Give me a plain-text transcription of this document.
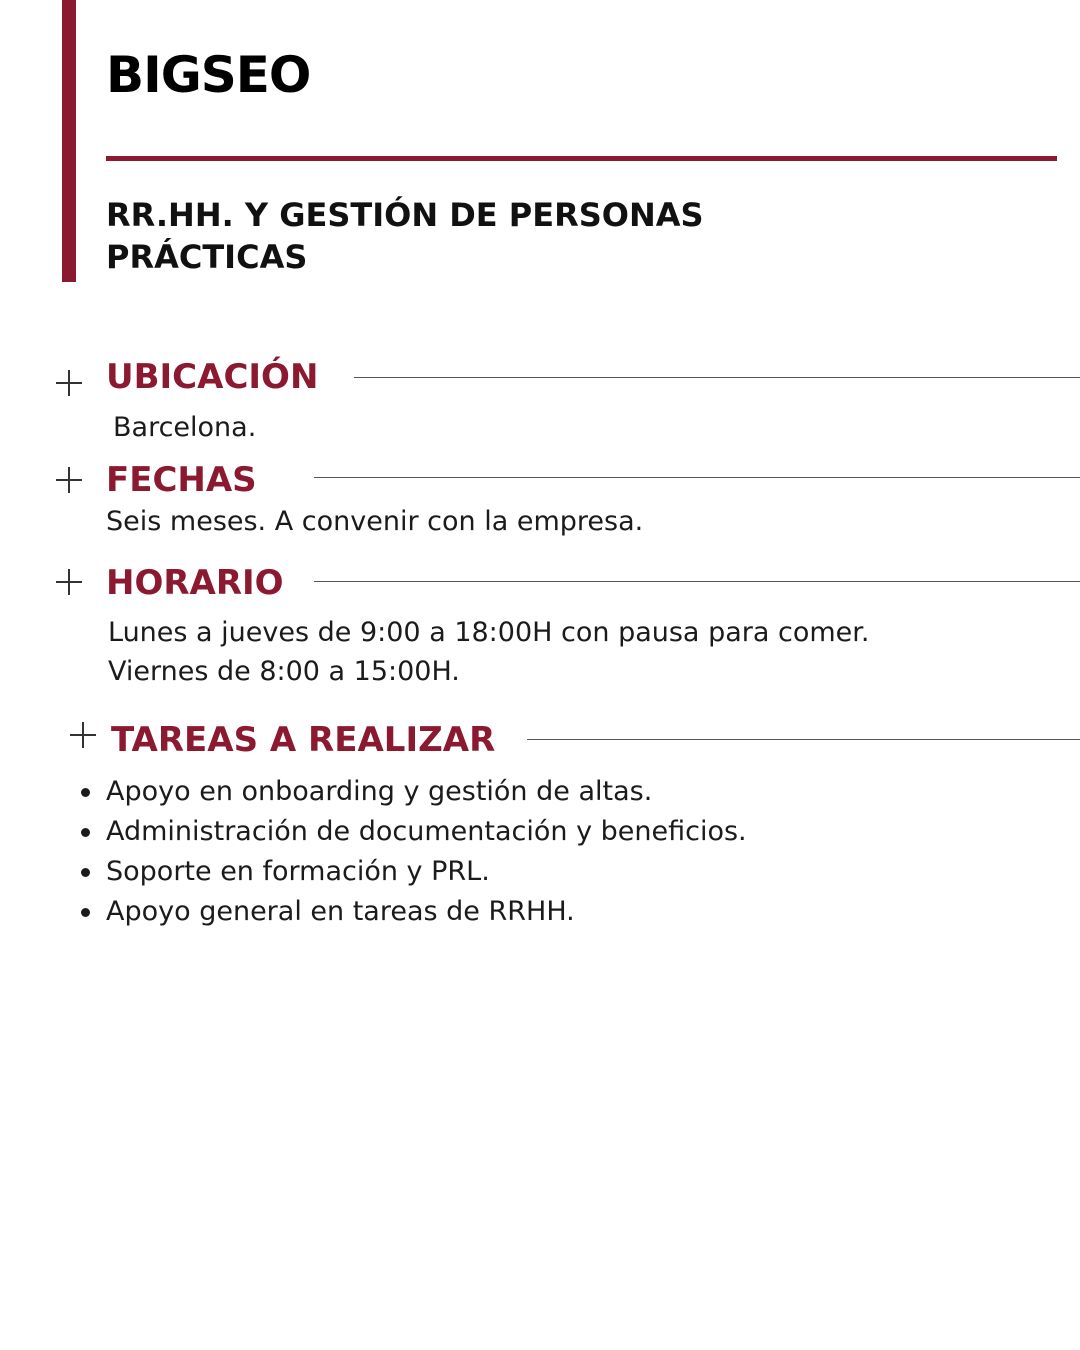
BIGSEO
RR.HH. Y GESTIÓN DE PERSONAS
PRÁCTICAS
UBICACIÓN

Barcelona.

FECHAS

Seis meses. A convenir con la empresa.

HORARIO

Lunes a jueves de 9:00 a 18:00H con pausa para comer.
Viernes de 8:00 a 15:00H.

TAREAS A REALIZAR
Apoyo en onboarding y gestión de altas.
Administración de documentación y beneficios.
Soporte en formación y PRL.
Apoyo general en tareas de RRHH.
